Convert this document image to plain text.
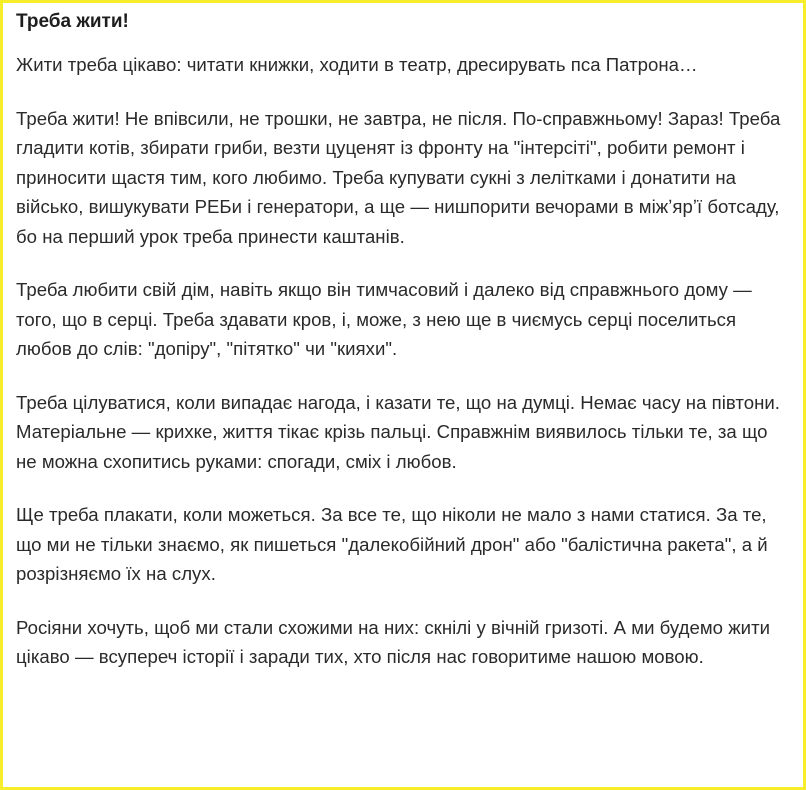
Треба жити!
Жити треба цікаво: читати книжки, ходити в театр, дресирувать пса Патрона…
Треба жити! Не впівсили, не трошки, не завтра, не після. По-справжньому! Зараз! Треба гладити котів, збирати гриби, везти цуценят із фронту на "інтерсіті", робити ремонт і приносити щастя тим, кого любимо. Треба купувати сукні з лелітками і донатити на військо, вишукувати РЕБи і генератори, а ще — нишпорити вечорами в міжʼярʼї ботсаду, бо на перший урок треба принести каштанів.
Треба любити свій дім, навіть якщо він тимчасовий і далеко від справжнього дому — того, що в серці. Треба здавати кров, і, може, з нею ще в чиємусь серці поселиться любов до слів: "допіру", "пітятко" чи "кияхи".
Треба цілуватися, коли випадає нагода, і казати те, що на думці. Немає часу на півтони. Матеріальне — крихке, життя тікає крізь пальці. Справжнім виявилось тільки те, за що не можна схопитись руками: спогади, сміх і любов.
Ще треба плакати, коли можеться. За все те, що ніколи не мало з нами статися. За те, що ми не тільки знаємо, як пишеться "далекобійний дрон" або "балістична ракета", а й розрізняємо їх на слух.
Росіяни хочуть, щоб ми стали схожими на них: скнілі у вічній гризоті. А ми будемо жити цікаво — всупереч історії і заради тих, хто після нас говоритиме нашою мовою.
